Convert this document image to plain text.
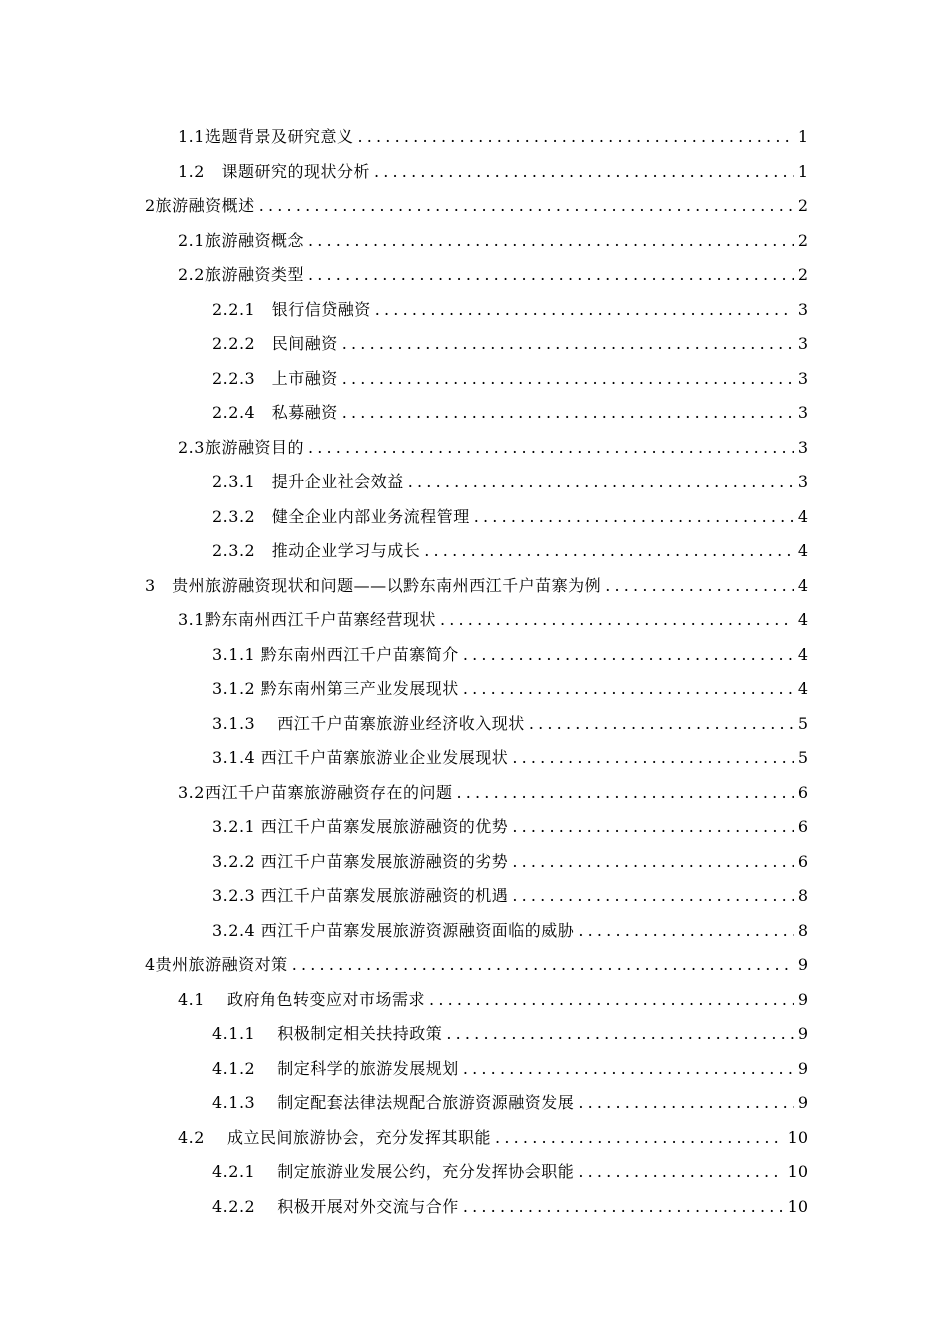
1.1选题背景及研究意义 .....	1
1.2　课题研究的现状分析 .....	1
2旅游融资概述 .....	2
2.1旅游融资概念 .....	2
2.2旅游融资类型 .....	2
2.2.1　银行信贷融资 .....	3
2.2.2　民间融资 .....	3
2.2.3　上市融资 .....	3
2.2.4　私募融资 .....	3
2.3旅游融资目的 .....	3
2.3.1　提升企业社会效益 .....	3
2.3.2　健全企业内部业务流程管理 .....	4
2.3.2　推动企业学习与成长 .....	4
3　贵州旅游融资现状和问题——以黔东南州西江千户苗寨为例 .....	4
3.1黔东南州西江千户苗寨经营现状 .....	4
3.1.1 黔东南州西江千户苗寨简介 .....	4
3.1.2 黔东南州第三产业发展现状 .....	4
3.1.3　 西江千户苗寨旅游业经济收入现状 .....	5
3.1.4 西江千户苗寨旅游业企业发展现状 .....	5
3.2西江千户苗寨旅游融资存在的问题 .....	6
3.2.1 西江千户苗寨发展旅游融资的优势 .....	6
3.2.2 西江千户苗寨发展旅游融资的劣势 .....	6
3.2.3 西江千户苗寨发展旅游融资的机遇 .....	8
3.2.4 西江千户苗寨发展旅游资源融资面临的威胁 .....	8
4贵州旅游融资对策 .....	9
4.1　 政府角色转变应对市场需求 .....	9
4.1.1　 积极制定相关扶持政策 .....	9
4.1.2　 制定科学的旅游发展规划 .....	9
4.1.3　 制定配套法律法规配合旅游资源融资发展 .....	9
4.2　 成立民间旅游协会，充分发挥其职能 .....	10
4.2.1　 制定旅游业发展公约，充分发挥协会职能 .....	10
4.2.2　 积极开展对外交流与合作 .....	10
